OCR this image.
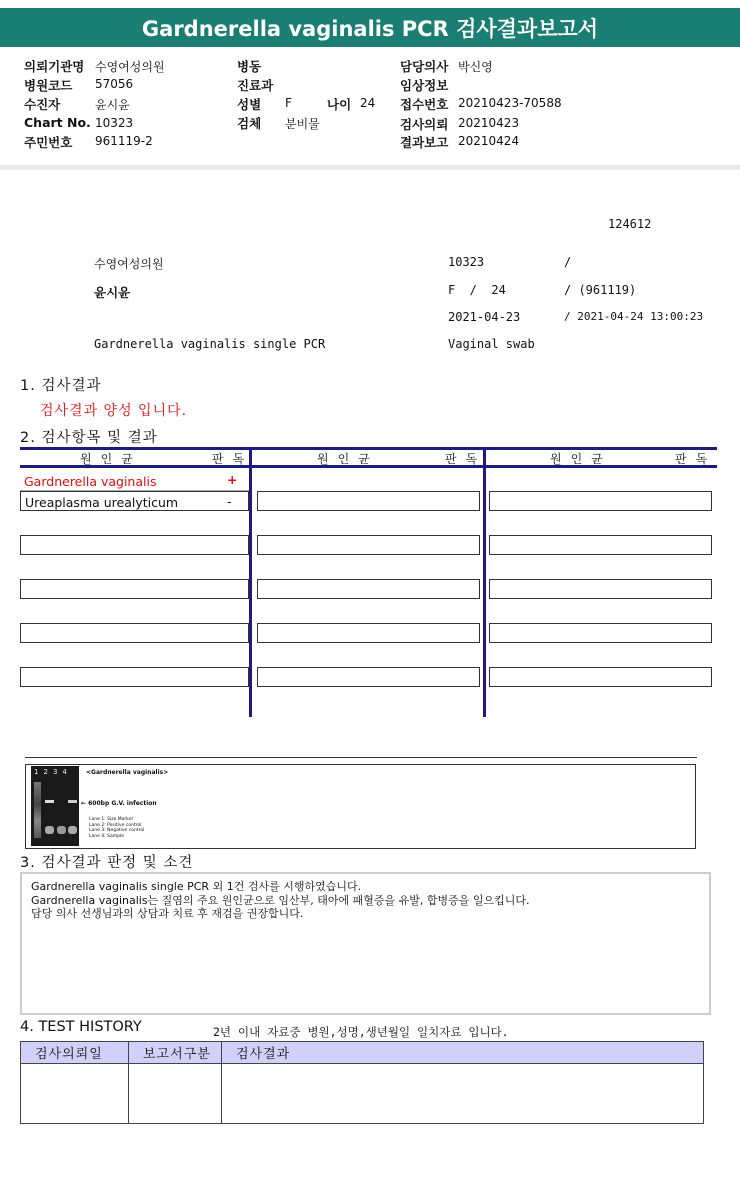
Gardnerella vaginalis PCR 검사결과보고서
의뢰기관명 수영여성의원
병원코드 57056
수진자	윤시윤
Chart No. 10323
주민번호 961119-2
병동
진료과
성별 F	나이 24
검체 분비물
담당의사 박신영
임상정보
접수번호 20210423-70588
검사의뢰 20210423
결과보고 20210424
124612
수영여성의원	10323	/
윤시윤	F  /  24	/ (961119)
2021-04-23	/ 2021-04-24 13:00:23
Gardnerella vaginalis single PCR	Vaginal swab
1. 검사결과
검사결과 양성 입니다.
2. 검사항목 및 결과
원인균	판독	원인균	판독	원인균	판독
Gardnerella vaginalis	+
Ureaplasma urealyticum	-
1234 <Gardnerella vaginalis>
← 600bp G.V. infection
Lane 1: Size Marker
Lane 2: Positive control
Lane 3: Negative control
Lane 4: Sample
3. 검사결과 판정 및 소견
Gardnerella vaginalis single PCR 외 1건 검사를 시행하였습니다.
Gardnerella vaginalis는 질염의 주요 원인균으로 임산부, 태아에 패혈증을 유발, 합병증을 일으킵니다.
담당 의사 선생님과의 상담과 치료 후 재검을 권장합니다.
4. TEST HISTORY	2년 이내 자료중 병원,성명,생년월일 일치자료 입니다.
검사의뢰일	보고서구분	검사결과
